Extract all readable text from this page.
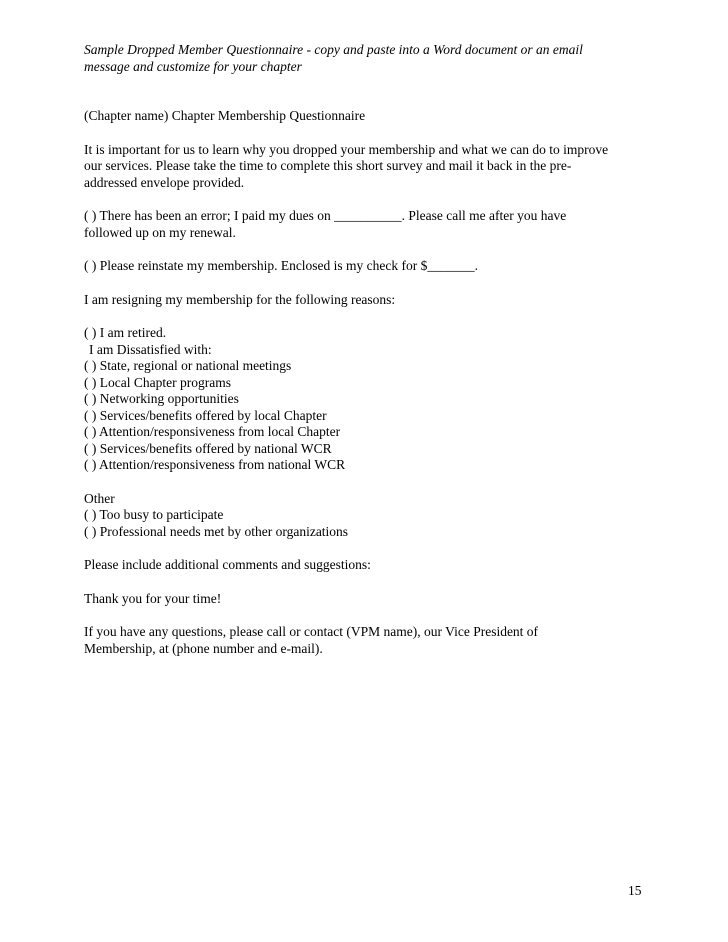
Sample Dropped Member Questionnaire - copy and paste into a Word document or an email
message and customize for your chapter

(Chapter name) Chapter Membership Questionnaire

It is important for us to learn why you dropped your membership and what we can do to improve
our services. Please take the time to complete this short survey and mail it back in the pre-
addressed envelope provided.

( ) There has been an error; I paid my dues on __________. Please call me after you have
followed up on my renewal.

( ) Please reinstate my membership. Enclosed is my check for $_______.

I am resigning my membership for the following reasons:

( ) I am retired.

I am Dissatisfied with:

( ) State, regional or national meetings

( ) Local Chapter programs

( ) Networking opportunities

( ) Services/benefits offered by local Chapter

( ) Attention/responsiveness from local Chapter

( ) Services/benefits offered by national WCR

( ) Attention/responsiveness from national WCR

Other

( ) Too busy to participate

( ) Professional needs met by other organizations

Please include additional comments and suggestions:

Thank you for your time!

If you have any questions, please call or contact (VPM name), our Vice President of
Membership, at (phone number and e-mail).

15
